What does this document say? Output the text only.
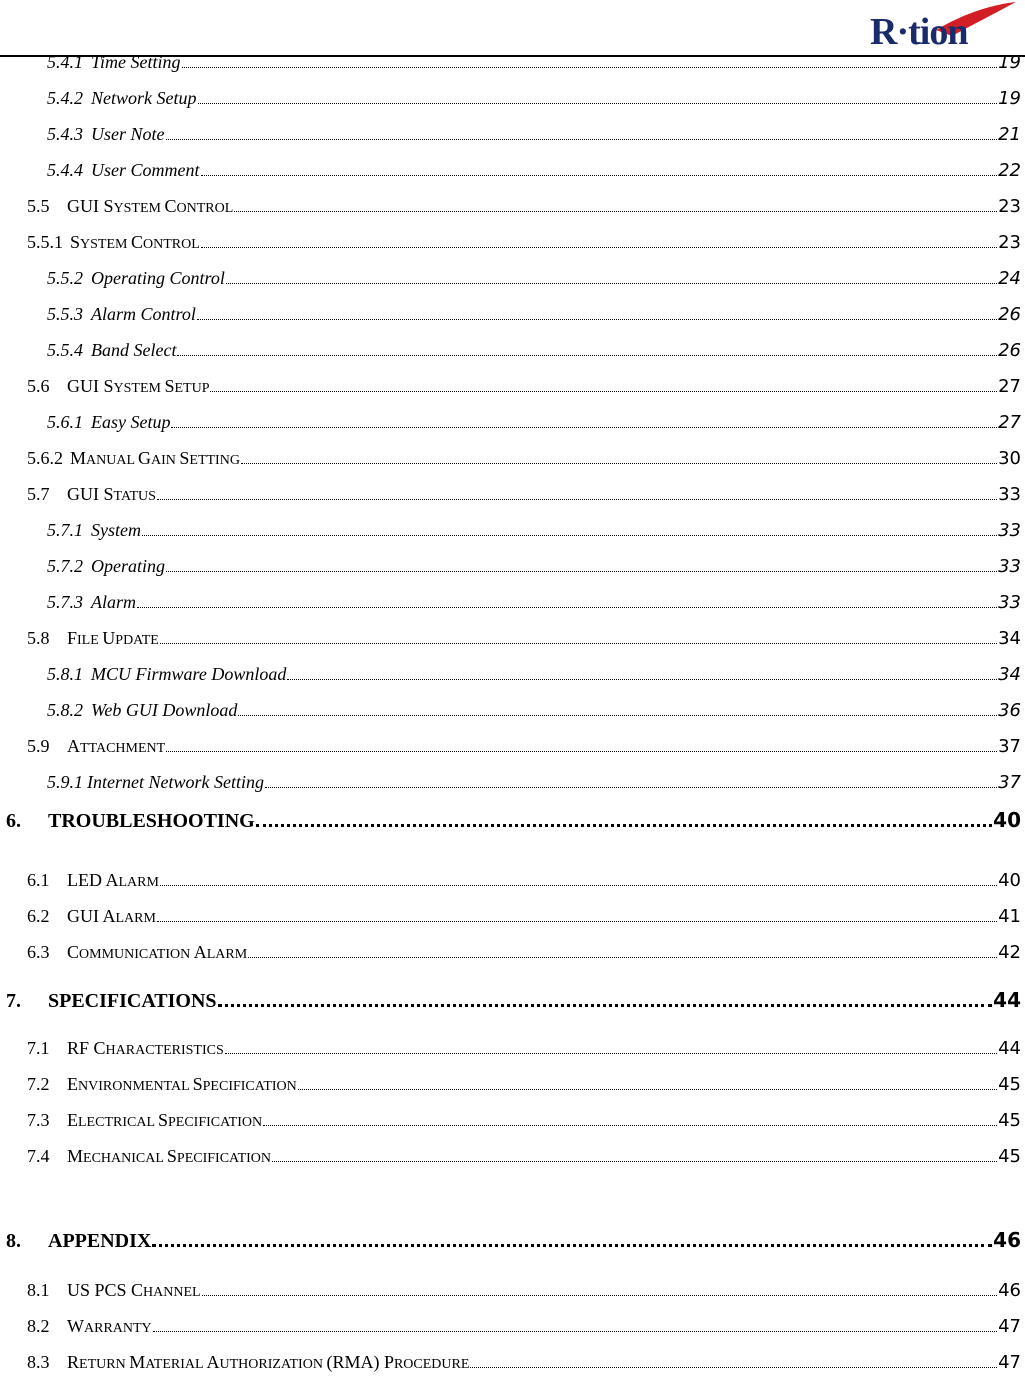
R·tion
5.4.1 Time Setting	19
5.4.2 Network Setup	19
5.4.3 User Note	21
5.4.4 User Comment	22
5.5 GUI SYSTEM CONTROL	23
5.5.1 SYSTEM CONTROL	23
5.5.2 Operating Control	24
5.5.3 Alarm Control	26
5.5.4 Band Select	26
5.6 GUI SYSTEM SETUP	27
5.6.1 Easy Setup	27
5.6.2 MANUAL GAIN SETTING	30
5.7 GUI STATUS	33
5.7.1 System	33
5.7.2 Operating	33
5.7.3 Alarm	33
5.8 FILE UPDATE	34
5.8.1 MCU Firmware Download	34
5.8.2 Web GUI Download	36
5.9 ATTACHMENT	37
5.9.1 Internet Network Setting	37
6.	TROUBLESHOOTING	40
6.1 LED ALARM	40
6.2 GUI ALARM	41
6.3 COMMUNICATION ALARM	42
7.	SPECIFICATIONS	44
7.1 RF CHARACTERISTICS	44
7.2 ENVIRONMENTAL SPECIFICATION	45
7.3 ELECTRICAL SPECIFICATION	45
7.4 MECHANICAL SPECIFICATION	45
8.	APPENDIX	46
8.1 US PCS CHANNEL	46
8.2 WARRANTY	47
8.3 RETURN MATERIAL AUTHORIZATION (RMA) PROCEDURE	47
